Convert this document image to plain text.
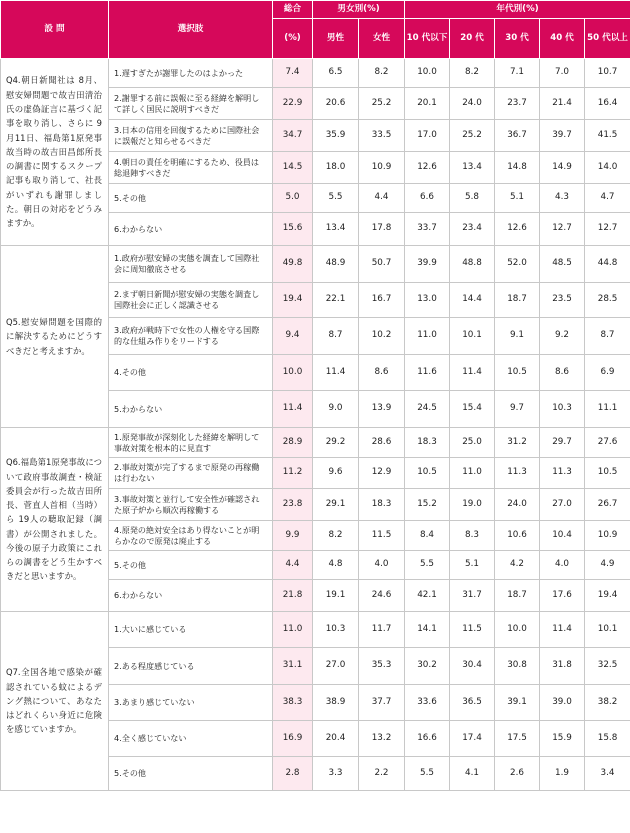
設 問	選択肢	総合	男女別(%)		年代別(%)				
		(%)	男性	女性	10 代以下	20 代	30 代	40 代	50 代以上
Q4.朝日新聞社は 8月、慰安婦問題で故吉田清治氏の虚偽証言に基づく記事を取り消し、さらに 9月11日、福島第1原発事故当時の故吉田昌郎所長の調書に関するスクープ記事も取り消して、社長がいずれも謝罪しました。朝日の対応をどうみますか。	1.遅すぎたが謝罪したのはよかった	7.4	6.5	8.2	10.0	8.2	7.1	7.0	10.7
	2.謝罪する前に誤報に至る経緯を解明して詳しく国民に説明すべきだ	22.9	20.6	25.2	20.1	24.0	23.7	21.4	16.4
	3.日本の信用を回復するために国際社会に誤報だと知らせるべきだ	34.7	35.9	33.5	17.0	25.2	36.7	39.7	41.5
	4.朝日の責任を明確にするため、役員は総退陣すべきだ	14.5	18.0	10.9	12.6	13.4	14.8	14.9	14.0
	5.その他	5.0	5.5	4.4	6.6	5.8	5.1	4.3	4.7
	6.わからない	15.6	13.4	17.8	33.7	23.4	12.6	12.7	12.7
Q5.慰安婦問題を国際的に解決するためにどうすべきだと考えますか。	1.政府が慰安婦の実態を調査して国際社会に周知徹底させる	49.8	48.9	50.7	39.9	48.8	52.0	48.5	44.8
	2.まず朝日新聞が慰安婦の実態を調査し国際社会に正しく認識させる	19.4	22.1	16.7	13.0	14.4	18.7	23.5	28.5
	3.政府が戦時下で女性の人権を守る国際的な仕組み作りをリードする	9.4	8.7	10.2	11.0	10.1	9.1	9.2	8.7
	4.その他	10.0	11.4	8.6	11.6	11.4	10.5	8.6	6.9
	5.わからない	11.4	9.0	13.9	24.5	15.4	9.7	10.3	11.1
Q6.福島第1原発事故について政府事故調査・検証委員会が行った故吉田所長、菅直人首相（当時）ら 19人の聴取記録（調書）が公開されました。今後の原子力政策にこれらの調書をどう生かすべきだと思いますか。	1.原発事故が深刻化した経緯を解明して事故対策を根本的に見直す	28.9	29.2	28.6	18.3	25.0	31.2	29.7	27.6
	2.事故対策が完了するまで原発の再稼働は行わない	11.2	9.6	12.9	10.5	11.0	11.3	11.3	10.5
	3.事故対策と並行して安全性が確認された原子炉から順次再稼働する	23.8	29.1	18.3	15.2	19.0	24.0	27.0	26.7
	4.原発の絶対安全はあり得ないことが明らかなので原発は廃止する	9.9	8.2	11.5	8.4	8.3	10.6	10.4	10.9
	5.その他	4.4	4.8	4.0	5.5	5.1	4.2	4.0	4.9
	6.わからない	21.8	19.1	24.6	42.1	31.7	18.7	17.6	19.4
Q7.全国各地で感染が確認されている蚊によるデング熱について、あなたはどれくらい身近に危険を感じていますか。	1.大いに感じている	11.0	10.3	11.7	14.1	11.5	10.0	11.4	10.1
	2.ある程度感じている	31.1	27.0	35.3	30.2	30.4	30.8	31.8	32.5
	3.あまり感じていない	38.3	38.9	37.7	33.6	36.5	39.1	39.0	38.2
	4.全く感じていない	16.9	20.4	13.2	16.6	17.4	17.5	15.9	15.8
	5.その他	2.8	3.3	2.2	5.5	4.1	2.6	1.9	3.4
